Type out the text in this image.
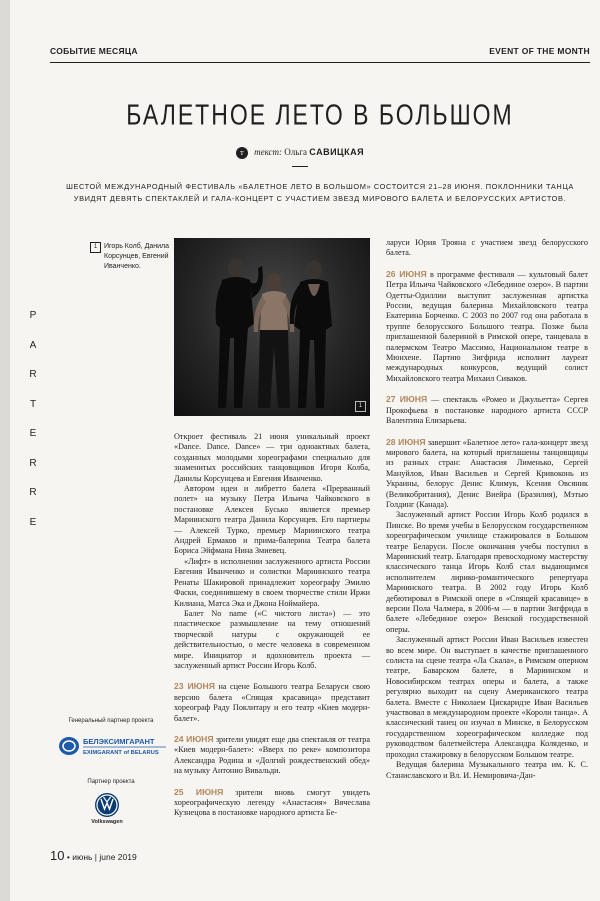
СОБЫТИЕ МЕСЯЦА	EVENT OF THE MONTH
БАЛЕТНОЕ ЛЕТО В БОЛЬШОМ
т текст: Ольга САВИЦКАЯ
ШЕСТОЙ МЕЖДУНАРОДНЫЙ ФЕСТИВАЛЬ «БАЛЕТНОЕ ЛЕТО В БОЛЬШОМ» СОСТОИТСЯ 21–28 ИЮНЯ. ПОКЛОННИКИ ТАНЦА УВИДЯТ ДЕВЯТЬ СПЕКТАКЛЕЙ И ГАЛА-КОНЦЕРТ С УЧАСТИЕМ ЗВЕЗД МИРОВОГО БАЛЕТА И БЕЛОРУССКИХ АРТИСТОВ.
P
A
R
T
E
R
R
E
1 Игорь Колб, Данила Корсунцев, Евгений Иванченко.
1

Откроет фестиваль 21 июня уникальный проект «Dance. Dance. Dance» — три одноактных балета, созданных молодыми хореографами специально для знаменитых российских танцовщиков Игоря Колба, Данилы Корсунцева и Евгения Иванченко.

Автором идеи и либретто балета «Прерванный полет» на музыку Петра Ильича Чайковского в постановке Алексея Бусько является премьер Мариинского театра Данила Корсунцев. Его партнеры — Алексей Турко, премьер Мариинского театра Андрей Ермаков и прима-балерина Театра балета Бориса Эйфмана Нина Змиевец.

«Лифт» в исполнении заслуженного артиста России Евгения Иванченко и солистки Мариинского театра Ренаты Шакировой принадлежит хореографу Эмилю Фаски, соединившему в своем творчестве стили Иржи Килиана, Матса Эка и Джона Ноймайера.

Балет No name («С чистого листа») — это пластическое размышление на тему отношений творческой натуры с окружающей ее действительностью, о месте человека в современном мире. Инициатор и вдохновитель проекта — заслуженный артист России Игорь Колб.

23 ИЮНЯ на сцене Большого театра Беларуси свою версию балета «Спящая красавица» представит хореограф Раду Поклитару и его театр «Киев модерн-балет».

24 ИЮНЯ зрители увидят еще два спектакля от театра «Киев модерн-балет»: «Вверх по реке» композитора Александра Родина и «Долгий рождественский обед» на музыку Антонио Вивальди.

25 ИЮНЯ зрители вновь смогут увидеть хореографическую легенду «Анастасия» Вячеслава Кузнецова в постановке народного артиста Бе-

ларуси Юрия Трояна с участием звезд белорусского балета.

26 ИЮНЯ в программе фестиваля — культовый балет Петра Ильича Чайковского «Лебединое озеро». В партии Одетты-Одиллии выступит заслуженная артистка России, ведущая балерина Михайловского театра Екатерина Борченко. С 2003 по 2007 год она работала в труппе белорусского Большого театра. Позже была приглашенной балериной в Римской опере, танцевала в палермском Театро Массимо, Национальном театре в Мюнхене. Партию Зигфрида исполнит лауреат международных конкурсов, ведущий солист Михайловского театра Михаил Сиваков.

27 ИЮНЯ — спектакль «Ромео и Джульетта» Сергея Прокофьева в постановке народного артиста СССР Валентина Елизарьева.

28 ИЮНЯ завершит «Балетное лето» гала-концерт звезд мирового балета, на который приглашены танцовщицы из разных стран: Анастасия Лименько, Сергей Мануйлов, Иван Васильев и Сергей Кривоконь из Украины, белорус Денис Климук, Ксения Овсяник (Великобритания), Денис Виейра (Бразилия), Мэтью Голдинг (Канада).

Заслуженный артист России Игорь Колб родился в Пинске. Во время учебы в Белорусском государственном хореографическом училище стажировался в Большом театре Беларуси. После окончания учебы поступил в Мариинский театр. Благодаря превосходному мастерству классического танца Игорь Колб стал выдающимся исполнителем лирико-романтического репертуара Мариинского театра. В 2002 году Игорь Колб дебютировал в Римской опере в «Спящей красавице» в версии Пола Чалмера, в 2006-м — в партии Зигфрида в балете «Лебединое озеро» Венской государственной оперы.

Заслуженный артист России Иван Васильев известен во всем мире. Он выступает в качестве приглашенного солиста на сцене театра «Ла Скала», в Римском оперном театре, Баварском балете, в Мариинском и Новосибирском театрах оперы и балета, а также регулярно выходит на сцену Американского театра балета. Вместе с Николаем Цискаридзе Иван Васильев участвовал в международном проекте «Короли танца». А классический танец он изучал в Минске, в Белорусском государственном хореографическом колледже под руководством балетмейстера Александра Коляденко, и проходил стажировку в белорусском Большом театре.

Ведущая балерина Музыкального театра им. К. С. Станиславского и Вл. И. Немировича-Дан-

Генеральный партнер проекта
БЕЛЭКСИМГАРАНТ
EXIMGARANT of BELARUS
Партнер проекта
Volkswagen
10 • июнь | june 2019
